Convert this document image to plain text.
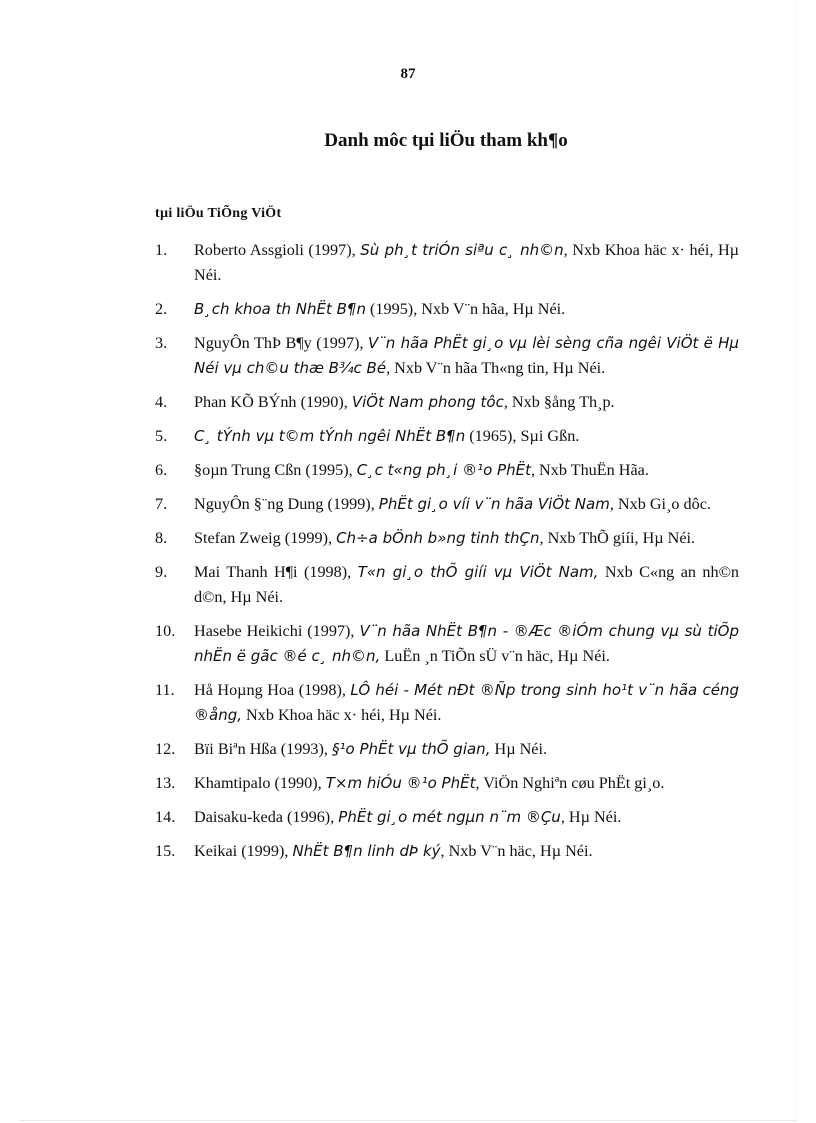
87
Danh môc tµi liÖu tham kh¶o
tµi liÖu TiÕng ViÖt
1. Roberto Assgioli (1997), Sù ph¸t triÓn siªu c¸ nh©n, Nxb Khoa häc x· héi, Hµ Néi.
2. B¸ch khoa th NhËt B¶n (1995), Nxb V¨n hãa, Hµ Néi.
3. NguyÔn ThÞ B¶y (1997), V¨n hãa PhËt gi¸o vµ lèi sèng cña ngêi ViÖt ë Hµ Néi vµ ch©u thæ B¾c Bé, Nxb V¨n hãa Th«ng tin, Hµ Néi.
4. Phan KÕ BÝnh (1990), ViÖt Nam phong tôc, Nxb §ång Th¸p.
5. C¸ tÝnh vµ t©m tÝnh ngêi NhËt B¶n (1965), Sµi Gßn.
6. §oµn Trung Cßn (1995), C¸c t«ng ph¸i ®¹o PhËt, Nxb ThuËn Hãa.
7. NguyÔn §¨ng Dung (1999), PhËt gi¸o víi v¨n hãa ViÖt Nam, Nxb Gi¸o dôc.
8. Stefan Zweig (1999), Ch÷a bÖnh b»ng tinh thÇn, Nxb ThÕ giíi, Hµ Néi.
9. Mai Thanh H¶i (1998), T«n gi¸o thÕ giíi vµ ViÖt Nam, Nxb C«ng an nh©n d©n, Hµ Néi.
10. Hasebe Heikichi (1997), V¨n hãa NhËt B¶n - ®Æc ®iÓm chung vµ sù tiÕp nhËn ë gãc ®é c¸ nh©n, LuËn ¸n TiÕn sÜ v¨n häc, Hµ Néi.
11. Hå Hoµng Hoa (1998), LÔ héi - Mét nÐt ®Ñp trong sinh ho¹t v¨n hãa céng ®ång, Nxb Khoa häc x· héi, Hµ Néi.
12. Bïi Biªn Hßa (1993), §¹o PhËt vµ thÕ gian, Hµ Néi.
13. Khamtipalo (1990), T×m hiÓu ®¹o PhËt, ViÖn Nghiªn cøu PhËt gi¸o.
14. Daisaku-keda (1996), PhËt gi¸o mét ngµn n¨m ®Çu, Hµ Néi.
15. Keikai (1999), NhËt B¶n linh dÞ ký, Nxb V¨n häc, Hµ Néi.
